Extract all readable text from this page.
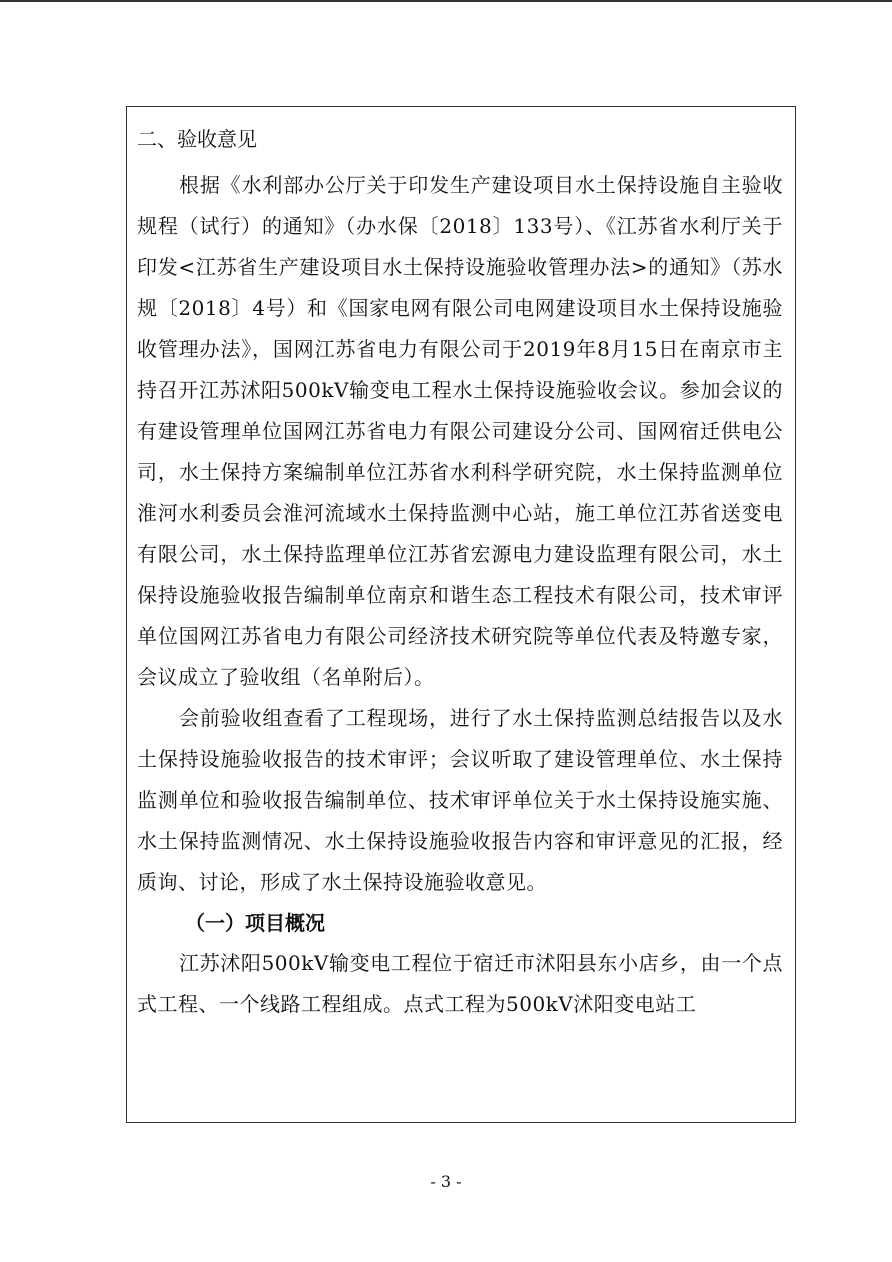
二、验收意见

根据《水利部办公厅关于印发生产建设项目水土保持设施自主验收规程（试行）的通知》（办水保〔2018〕133号）、《江苏省水利厅关于印发<江苏省生产建设项目水土保持设施验收管理办法>的通知》（苏水规〔2018〕4号）和《国家电网有限公司电网建设项目水土保持设施验收管理办法》，国网江苏省电力有限公司于2019年8月15日在南京市主持召开江苏沭阳500kV输变电工程水土保持设施验收会议。参加会议的有建设管理单位国网江苏省电力有限公司建设分公司、国网宿迁供电公司，水土保持方案编制单位江苏省水利科学研究院，水土保持监测单位淮河水利委员会淮河流域水土保持监测中心站，施工单位江苏省送变电有限公司，水土保持监理单位江苏省宏源电力建设监理有限公司，水土保持设施验收报告编制单位南京和谐生态工程技术有限公司，技术审评单位国网江苏省电力有限公司经济技术研究院等单位代表及特邀专家，会议成立了验收组（名单附后）。

会前验收组查看了工程现场，进行了水土保持监测总结报告以及水土保持设施验收报告的技术审评；会议听取了建设管理单位、水土保持监测单位和验收报告编制单位、技术审评单位关于水土保持设施实施、水土保持监测情况、水土保持设施验收报告内容和审评意见的汇报，经质询、讨论，形成了水土保持设施验收意见。

（一）项目概况

江苏沭阳500kV输变电工程位于宿迁市沭阳县东小店乡，由一个点式工程、一个线路工程组成。点式工程为500kV沭阳变电站工

- 3 -
